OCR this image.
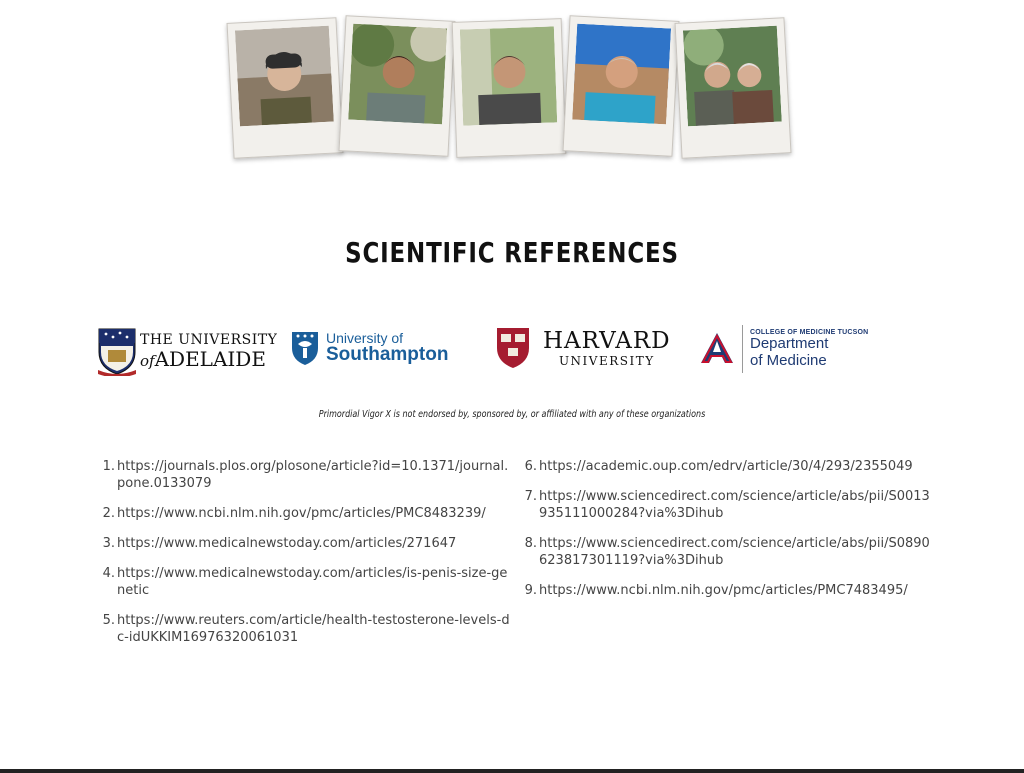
SCIENTIFIC REFERENCES
THE UNIVERSITY
ofADELAIDE
University of
Southampton
HARVARD
UNIVERSITY
COLLEGE OF MEDICINE TUCSON
Department
of Medicine
Primordial Vigor X is not endorsed by, sponsored by, or affiliated with any of these organizations
1. https://journals.plos.org/plosone/article?id=10.1371/journal.pone.0133079
2. https://www.ncbi.nlm.nih.gov/pmc/articles/PMC8483239/
3. https://www.medicalnewstoday.com/articles/271647
4. https://www.medicalnewstoday.com/articles/is-penis-size-genetic
5. https://www.reuters.com/article/health-testosterone-levels-dc-idUKKIM16976320061031
6. https://academic.oup.com/edrv/article/30/4/293/2355049
7. https://www.sciencedirect.com/science/article/abs/pii/S0013935111000284?via%3Dihub
8. https://www.sciencedirect.com/science/article/abs/pii/S0890623817301119?via%3Dihub
9. https://www.ncbi.nlm.nih.gov/pmc/articles/PMC7483495/
